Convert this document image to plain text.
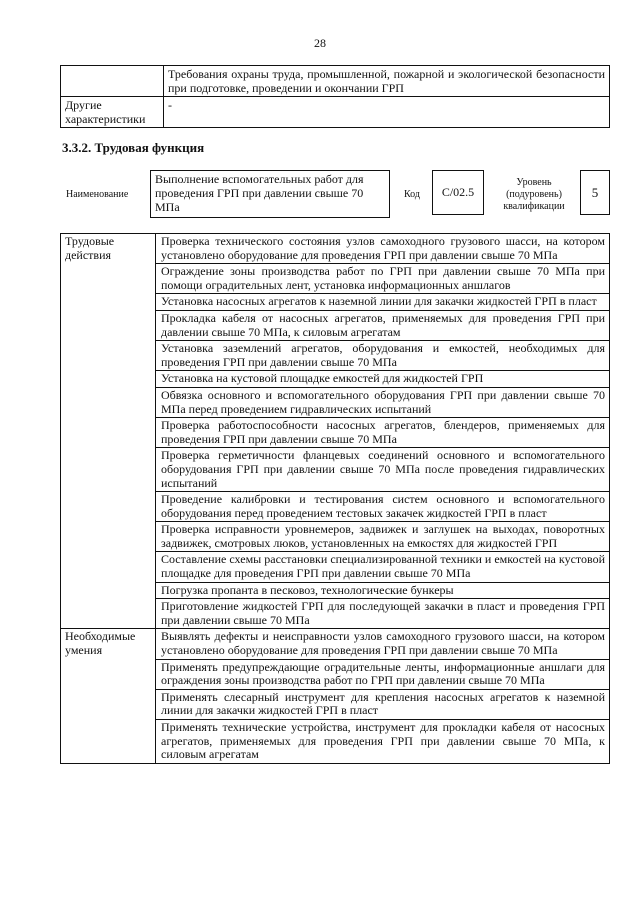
28
	Требования охраны труда, промышленной, пожарной и экологической безопасности при подготовке, проведении и окончании ГРП
Другие характеристики	-
3.3.2. Трудовая функция
Наименование
Выполнение вспомогательных работ для проведения ГРП при давлении свыше 70 МПа
Код	C/02.5
Уровень (подуровень) квалификации
5
Трудовые действия	Проверка технического состояния узлов самоходного грузового шасси, на котором установлено оборудование для проведения ГРП при давлении свыше 70 МПа
	Ограждение зоны производства работ по ГРП при давлении свыше 70 МПа при помощи оградительных лент, установка информационных аншлагов
	Установка насосных агрегатов к наземной линии для закачки жидкостей ГРП в пласт
	Прокладка кабеля от насосных агрегатов, применяемых для проведения ГРП при давлении свыше 70 МПа, к силовым агрегатам
	Установка заземлений агрегатов, оборудования и емкостей, необходимых для проведения ГРП при давлении свыше 70 МПа
	Установка на кустовой площадке емкостей для жидкостей ГРП
	Обвязка основного и вспомогательного оборудования ГРП при давлении свыше 70 МПа перед проведением гидравлических испытаний
	Проверка работоспособности насосных агрегатов, блендеров, применяемых для проведения ГРП при давлении свыше 70 МПа
	Проверка герметичности фланцевых соединений основного и вспомогательного оборудования ГРП при давлении свыше 70 МПа после проведения гидравлических испытаний
	Проведение калибровки и тестирования систем основного и вспомогательного оборудования перед проведением тестовых закачек жидкостей ГРП в пласт
	Проверка исправности уровнемеров, задвижек и заглушек на выходах, поворотных задвижек, смотровых люков, установленных на емкостях для жидкостей ГРП
	Составление схемы расстановки специализированной техники и емкостей на кустовой площадке для проведения ГРП при давлении свыше 70 МПа
	Погрузка пропанта в песковоз, технологические бункеры
	Приготовление жидкостей ГРП для последующей закачки в пласт и проведения ГРП при давлении свыше 70 МПа
Необходимые умения	Выявлять дефекты и неисправности узлов самоходного грузового шасси, на котором установлено оборудование для проведения ГРП при давлении свыше 70 МПа
	Применять предупреждающие оградительные ленты, информационные аншлаги для ограждения зоны производства работ по ГРП при давлении свыше 70 МПа
	Применять слесарный инструмент для крепления насосных агрегатов к наземной линии для закачки жидкостей ГРП в пласт
	Применять технические устройства, инструмент для прокладки кабеля от насосных агрегатов, применяемых для проведения ГРП при давлении свыше 70 МПа, к силовым агрегатам
